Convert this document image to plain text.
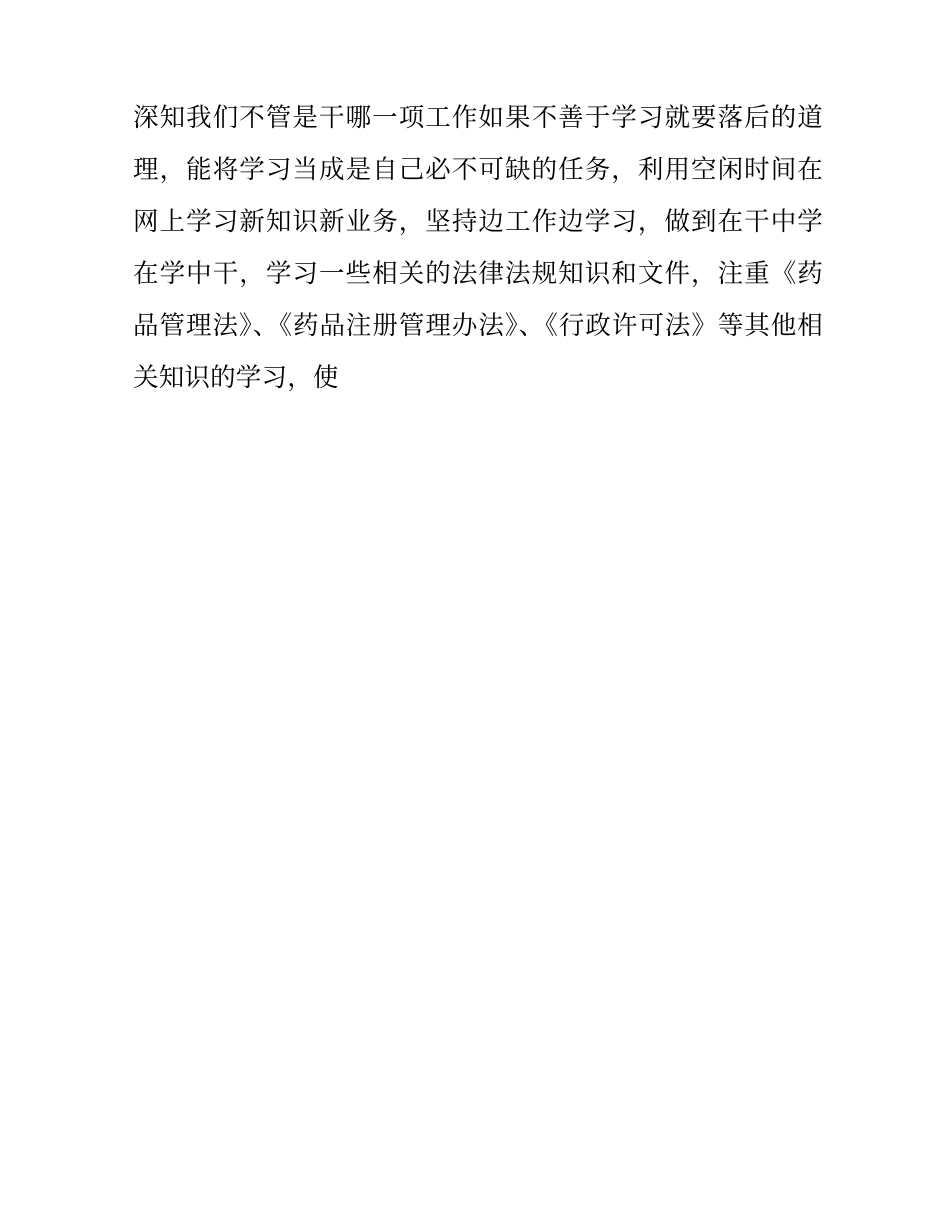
深知我们不管是干哪一项工作如果不善于学习就要落后的道理，能将学习当成是自己必不可缺的任务，利用空闲时间在网上学习新知识新业务，坚持边工作边学习，做到在干中学在学中干，学习一些相关的法律法规知识和文件，注重《药品管理法》、《药品注册管理办法》、《行政许可法》等其他相关知识的学习，使
